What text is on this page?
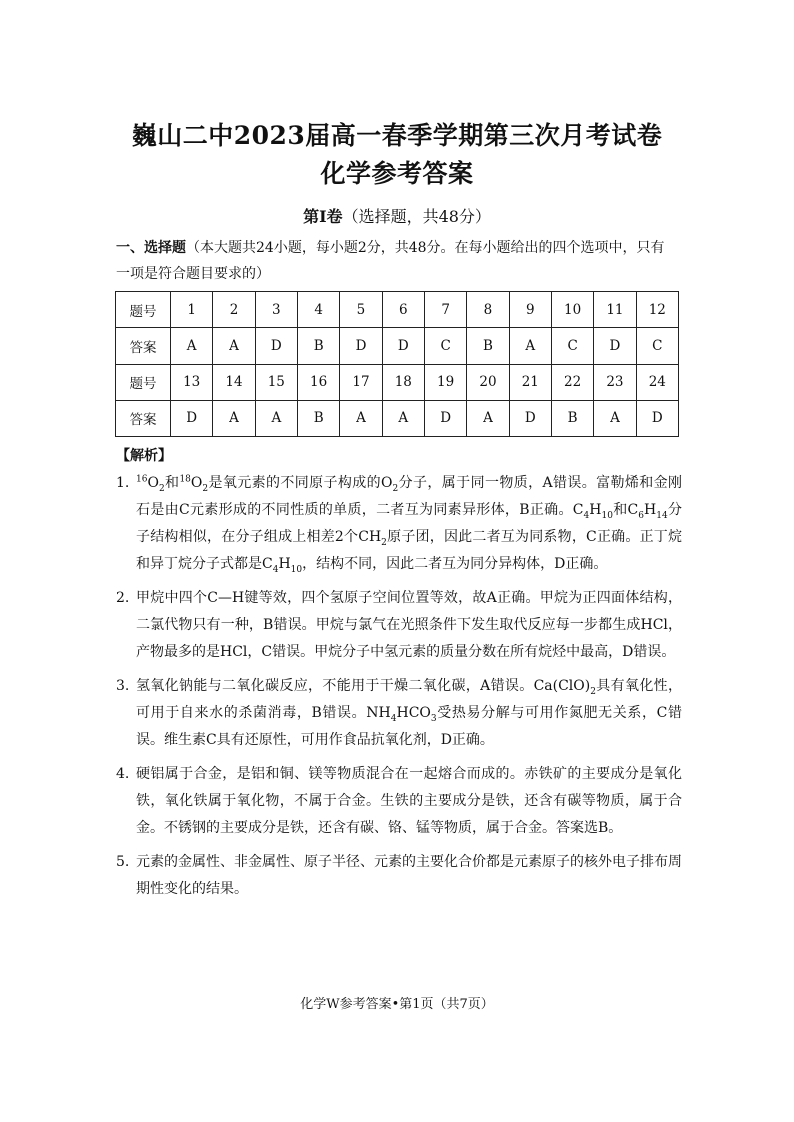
巍山二中2023届高一春季学期第三次月考试卷
化学参考答案
第Ⅰ卷（选择题，共48分）
一、选择题（本大题共24小题，每小题2分，共48分。在每小题给出的四个选项中，只有一项是符合题目要求的）
题号	1	2	3	4	5	6	7	8	9	10	11	12
答案	A	A	D	B	D	D	C	B	A	C	D	C
题号	13	14	15	16	17	18	19	20	21	22	23	24
答案	D	A	A	B	A	A	D	A	D	B	A	D
【解析】
1. $^{16}O_2$和$^{18}O_2$是氧元素的不同原子构成的$O_2$分子，属于同一物质，A错误。富勒烯和金刚石是由C元素形成的不同性质的单质，二者互为同素异形体，B正确。$C_4H_{10}$和$C_6H_{14}$分子结构相似，在分子组成上相差2个$CH_2$原子团，因此二者互为同系物，C正确。正丁烷和异丁烷分子式都是$C_4H_{10}$，结构不同，因此二者互为同分异构体，D正确。
2. 甲烷中四个C—H键等效，四个氢原子空间位置等效，故A正确。甲烷为正四面体结构，二氯代物只有一种，B错误。甲烷与氯气在光照条件下发生取代反应每一步都生成HCl，产物最多的是HCl，C错误。甲烷分子中氢元素的质量分数在所有烷烃中最高，D错误。
3. 氢氧化钠能与二氧化碳反应，不能用于干燥二氧化碳，A错误。$Ca(ClO)_2$具有氧化性，可用于自来水的杀菌消毒，B错误。$NH_4HCO_3$受热易分解与可用作氮肥无关系，C错误。维生素C具有还原性，可用作食品抗氧化剂，D正确。
4. 硬铝属于合金，是铝和铜、镁等物质混合在一起熔合而成的。赤铁矿的主要成分是氧化铁，氧化铁属于氧化物，不属于合金。生铁的主要成分是铁，还含有碳等物质，属于合金。不锈钢的主要成分是铁，还含有碳、铬、锰等物质，属于合金。答案选B。
5. 元素的金属性、非金属性、原子半径、元素的主要化合价都是元素原子的核外电子排布周期性变化的结果。
化学W参考答案•第1页（共7页）
